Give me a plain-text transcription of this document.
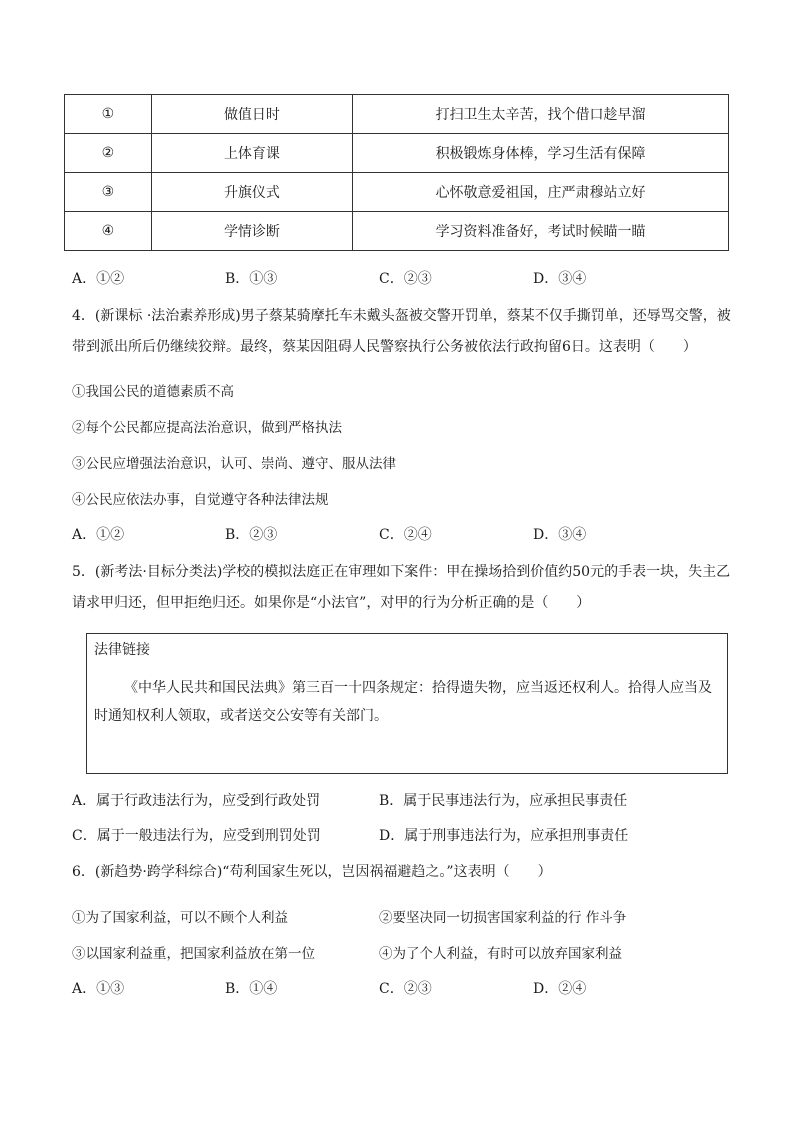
①	做值日时	打扫卫生太辛苦，找个借口趁早溜
②	上体育课	积极锻炼身体棒，学习生活有保障
③	升旗仪式	心怀敬意爱祖国，庄严肃穆站立好
④	学情诊断	学习资料准备好，考试时候瞄一瞄
A．①②	B．①③	C．②③	D．③④
4．(新课标 ·法治素养形成)男子蔡某骑摩托车未戴头盔被交警开罚单，蔡某不仅手撕罚单，还辱骂交警，被带到派出所后仍继续狡辩。最终，蔡某因阻碍人民警察执行公务被依法行政拘留6日。这表明（　　）
①我国公民的道德素质不高
②每个公民都应提高法治意识，做到严格执法
③公民应增强法治意识，认可、崇尚、遵守、服从法律
④公民应依法办事，自觉遵守各种法律法规
A．①②	B．②③	C．②④	D．③④
5．(新考法·目标分类法)学校的模拟法庭正在审理如下案件：甲在操场拾到价值约50元的手表一块，失主乙请求甲归还，但甲拒绝归还。如果你是“小法官”，对甲的行为分析正确的是（　　）
法律链接
《中华人民共和国民法典》第三百一十四条规定：拾得遗失物，应当返还权利人。拾得人应当及时通知权利人领取，或者送交公安等有关部门。
A．属于行政违法行为，应受到行政处罚	B．属于民事违法行为，应承担民事责任
C．属于一般违法行为，应受到刑罚处罚	D．属于刑事违法行为，应承担刑事责任
6．(新趋势·跨学科综合)“苟利国家生死以，岂因祸福避趋之。”这表明（　　）
①为了国家利益，可以不顾个人利益	②要坚决同一切损害国家利益的行 作斗争
③以国家利益重，把国家利益放在第一位	④为了个人利益，有时可以放弃国家利益
A．①③	B．①④	C．②③	D．②④
